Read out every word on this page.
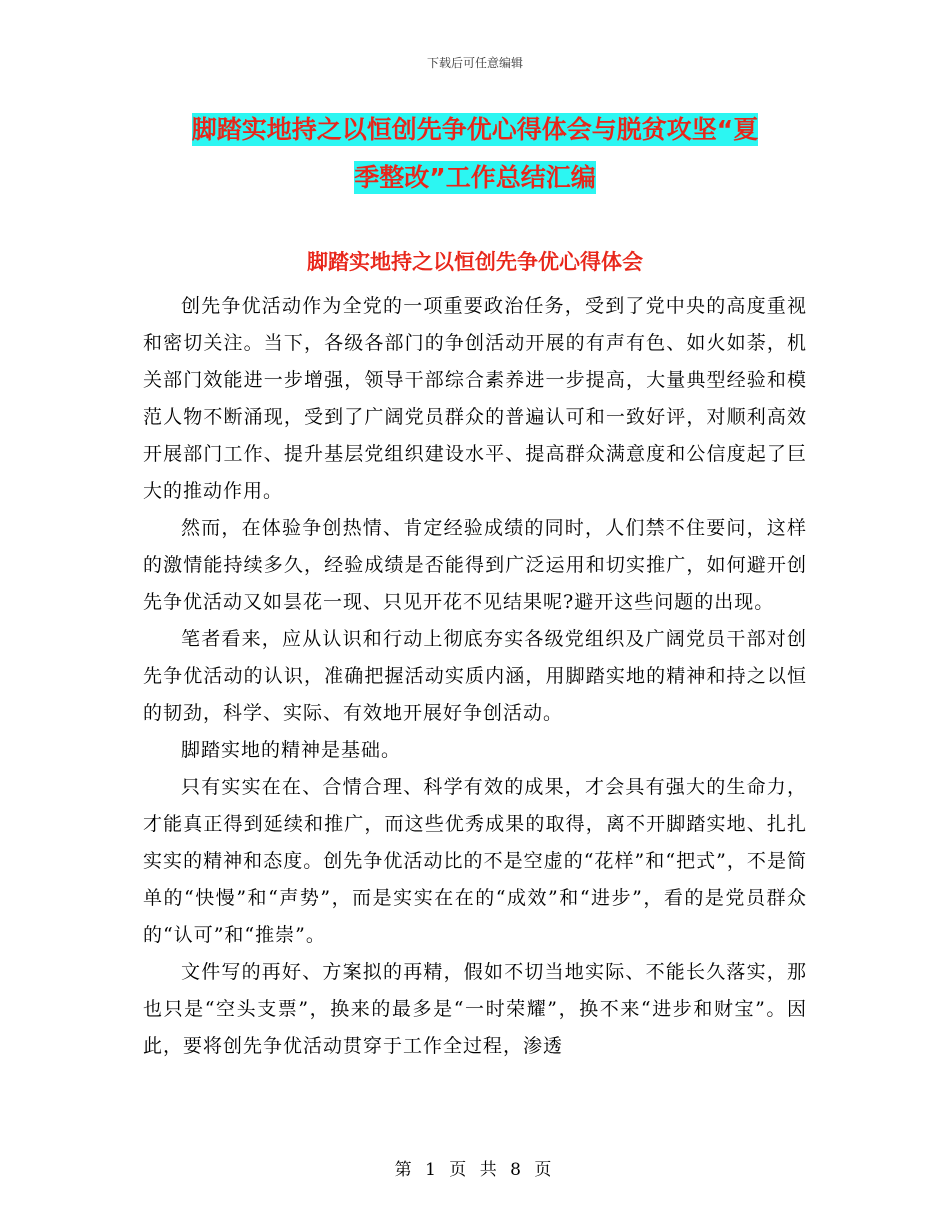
下载后可任意编辑
脚踏实地持之以恒创先争优心得体会与脱贫攻坚“夏
季整改”工作总结汇编
脚踏实地持之以恒创先争优心得体会

创先争优活动作为全党的一项重要政治任务，受到了党中央的高度重视和密切关注。当下，各级各部门的争创活动开展的有声有色、如火如荼，机关部门效能进一步增强，领导干部综合素养进一步提高，大量典型经验和模范人物不断涌现，受到了广阔党员群众的普遍认可和一致好评，对顺利高效开展部门工作、提升基层党组织建设水平、提高群众满意度和公信度起了巨大的推动作用。

然而，在体验争创热情、肯定经验成绩的同时，人们禁不住要问，这样的激情能持续多久，经验成绩是否能得到广泛运用和切实推广，如何避开创先争优活动又如昙花一现、只见开花不见结果呢?避开这些问题的出现。

笔者看来，应从认识和行动上彻底夯实各级党组织及广阔党员干部对创先争优活动的认识，准确把握活动实质内涵，用脚踏实地的精神和持之以恒的韧劲，科学、实际、有效地开展好争创活动。

脚踏实地的精神是基础。

只有实实在在、合情合理、科学有效的成果，才会具有强大的生命力，才能真正得到延续和推广，而这些优秀成果的取得，离不开脚踏实地、扎扎实实的精神和态度。创先争优活动比的不是空虚的“花样”和“把式”，不是简单的“快慢”和“声势”，而是实实在在的“成效”和“进步”，看的是党员群众的“认可”和“推崇”。

文件写的再好、方案拟的再精，假如不切当地实际、不能长久落实，那也只是“空头支票”，换来的最多是“一时荣耀”，换不来“进步和财宝”。因此，要将创先争优活动贯穿于工作全过程，渗透

第 1 页 共 8 页
